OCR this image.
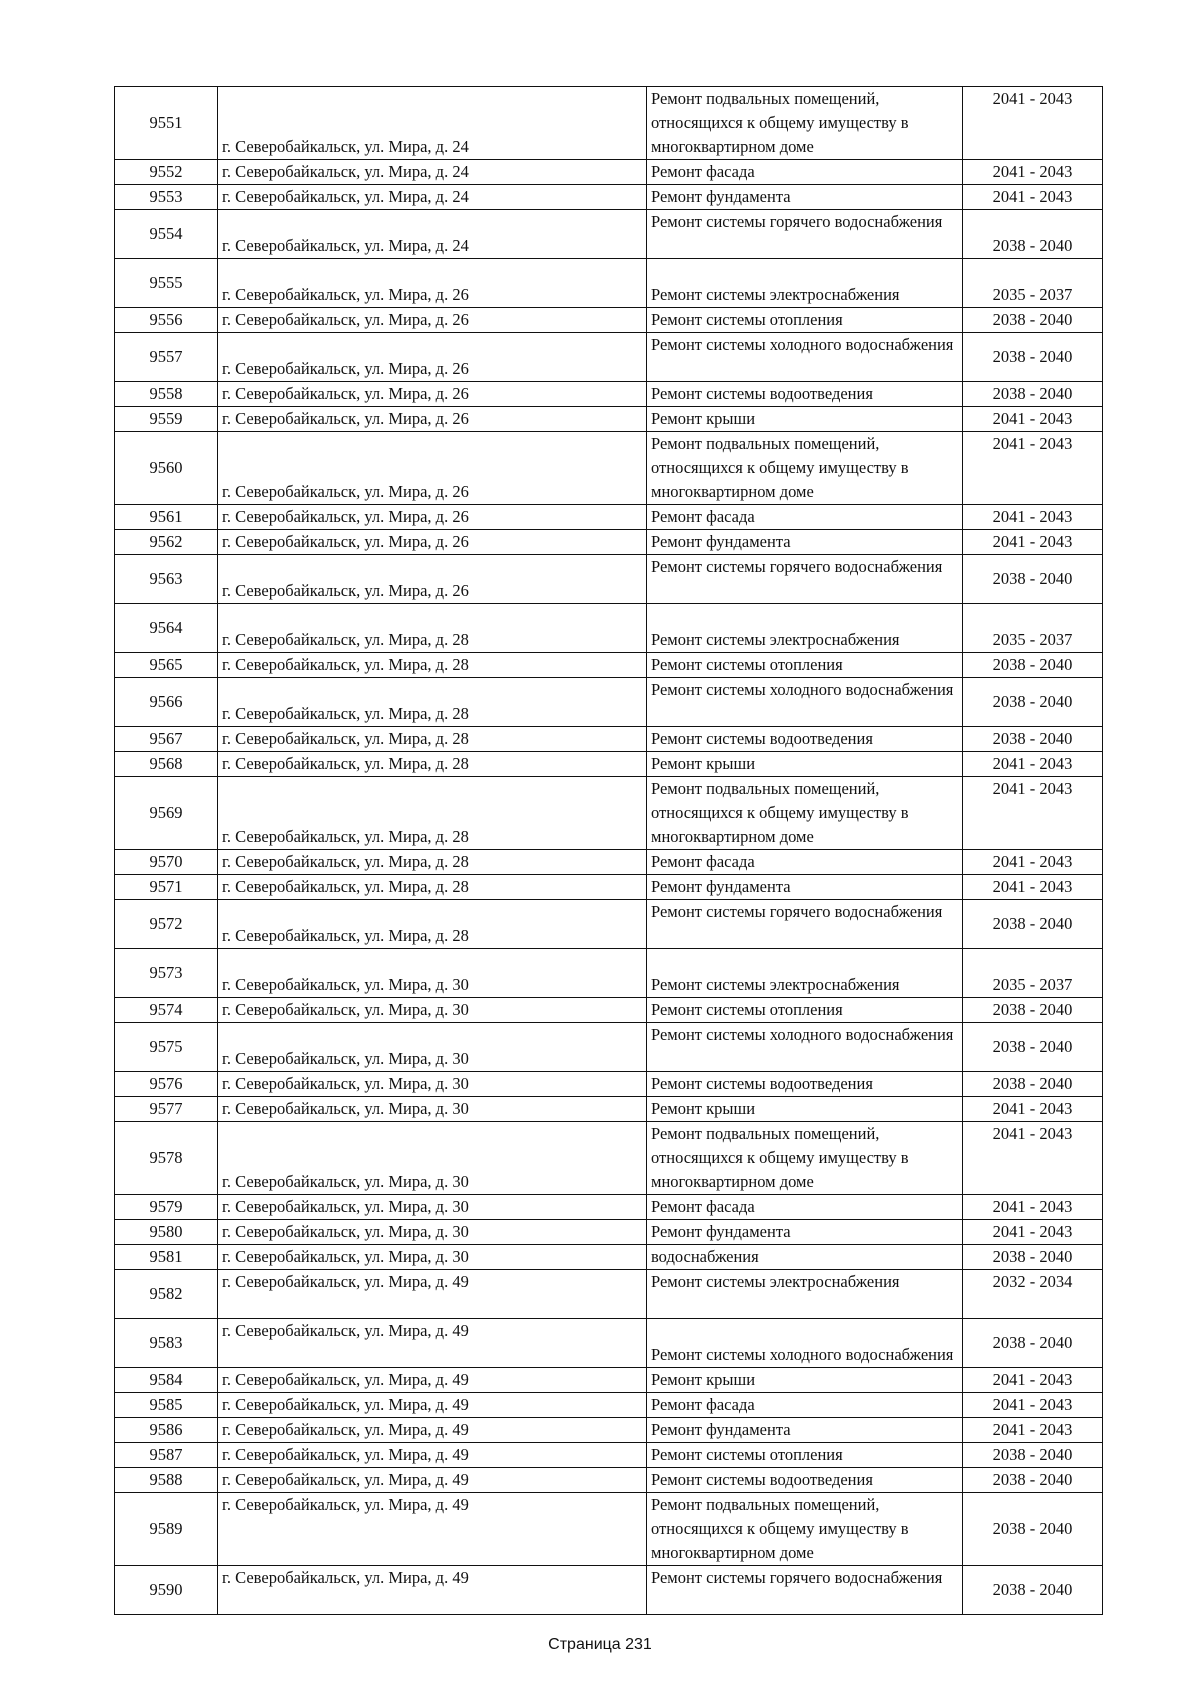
9551	г. Северобайкальск, ул. Мира, д. 24	Ремонт подвальных помещений, относящихся к общему имуществу в многоквартирном доме	2041 - 2043
9552	г. Северобайкальск, ул. Мира, д. 24	Ремонт фасада	2041 - 2043
9553	г. Северобайкальск, ул. Мира, д. 24	Ремонт фундамента	2041 - 2043
9554	г. Северобайкальск, ул. Мира, д. 24	Ремонт системы горячего водоснабжения	2038 - 2040
9555	г. Северобайкальск, ул. Мира, д. 26	Ремонт системы электроснабжения	2035 - 2037
9556	г. Северобайкальск, ул. Мира, д. 26	Ремонт системы отопления	2038 - 2040
9557	г. Северобайкальск, ул. Мира, д. 26	Ремонт системы холодного водоснабжения	2038 - 2040
9558	г. Северобайкальск, ул. Мира, д. 26	Ремонт системы водоотведения	2038 - 2040
9559	г. Северобайкальск, ул. Мира, д. 26	Ремонт крыши	2041 - 2043
9560	г. Северобайкальск, ул. Мира, д. 26	Ремонт подвальных помещений, относящихся к общему имуществу в многоквартирном доме	2041 - 2043
9561	г. Северобайкальск, ул. Мира, д. 26	Ремонт фасада	2041 - 2043
9562	г. Северобайкальск, ул. Мира, д. 26	Ремонт фундамента	2041 - 2043
9563	г. Северобайкальск, ул. Мира, д. 26	Ремонт системы горячего водоснабжения	2038 - 2040
9564	г. Северобайкальск, ул. Мира, д. 28	Ремонт системы электроснабжения	2035 - 2037
9565	г. Северобайкальск, ул. Мира, д. 28	Ремонт системы отопления	2038 - 2040
9566	г. Северобайкальск, ул. Мира, д. 28	Ремонт системы холодного водоснабжения	2038 - 2040
9567	г. Северобайкальск, ул. Мира, д. 28	Ремонт системы водоотведения	2038 - 2040
9568	г. Северобайкальск, ул. Мира, д. 28	Ремонт крыши	2041 - 2043
9569	г. Северобайкальск, ул. Мира, д. 28	Ремонт подвальных помещений, относящихся к общему имуществу в многоквартирном доме	2041 - 2043
9570	г. Северобайкальск, ул. Мира, д. 28	Ремонт фасада	2041 - 2043
9571	г. Северобайкальск, ул. Мира, д. 28	Ремонт фундамента	2041 - 2043
9572	г. Северобайкальск, ул. Мира, д. 28	Ремонт системы горячего водоснабжения	2038 - 2040
9573	г. Северобайкальск, ул. Мира, д. 30	Ремонт системы электроснабжения	2035 - 2037
9574	г. Северобайкальск, ул. Мира, д. 30	Ремонт системы отопления	2038 - 2040
9575	г. Северобайкальск, ул. Мира, д. 30	Ремонт системы холодного водоснабжения	2038 - 2040
9576	г. Северобайкальск, ул. Мира, д. 30	Ремонт системы водоотведения	2038 - 2040
9577	г. Северобайкальск, ул. Мира, д. 30	Ремонт крыши	2041 - 2043
9578	г. Северобайкальск, ул. Мира, д. 30	Ремонт подвальных помещений, относящихся к общему имуществу в многоквартирном доме	2041 - 2043
9579	г. Северобайкальск, ул. Мира, д. 30	Ремонт фасада	2041 - 2043
9580	г. Северобайкальск, ул. Мира, д. 30	Ремонт фундамента	2041 - 2043
9581	г. Северобайкальск, ул. Мира, д. 30	водоснабжения	2038 - 2040
9582	г. Северобайкальск, ул. Мира, д. 49	Ремонт системы электроснабжения	2032 - 2034
9583	г. Северобайкальск, ул. Мира, д. 49	Ремонт системы холодного водоснабжения	2038 - 2040
9584	г. Северобайкальск, ул. Мира, д. 49	Ремонт крыши	2041 - 2043
9585	г. Северобайкальск, ул. Мира, д. 49	Ремонт фасада	2041 - 2043
9586	г. Северобайкальск, ул. Мира, д. 49	Ремонт фундамента	2041 - 2043
9587	г. Северобайкальск, ул. Мира, д. 49	Ремонт системы отопления	2038 - 2040
9588	г. Северобайкальск, ул. Мира, д. 49	Ремонт системы водоотведения	2038 - 2040
9589	г. Северобайкальск, ул. Мира, д. 49	Ремонт подвальных помещений, относящихся к общему имуществу в многоквартирном доме	2038 - 2040
9590	г. Северобайкальск, ул. Мира, д. 49	Ремонт системы горячего водоснабжения	2038 - 2040
Страница 231
